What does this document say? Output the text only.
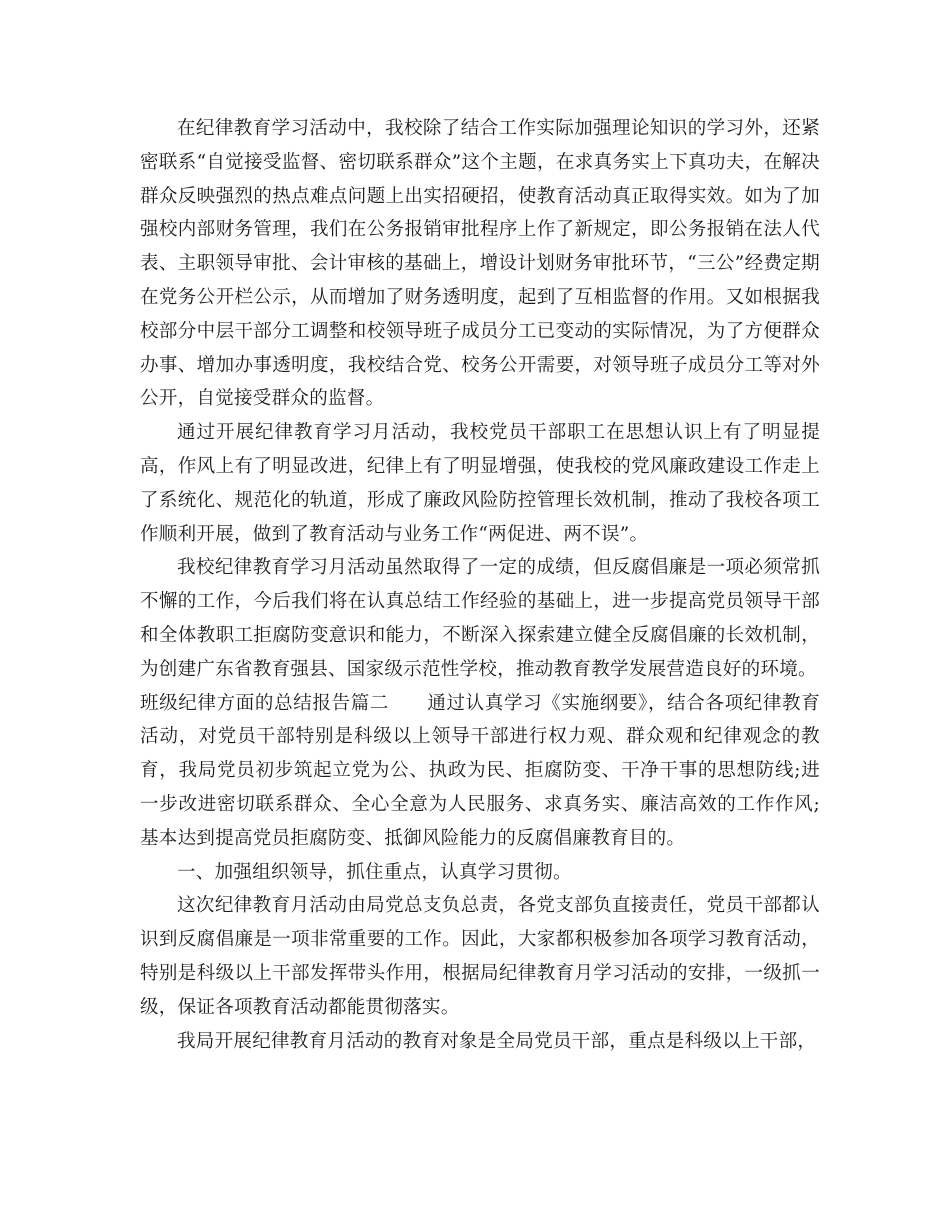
在纪律教育学习活动中，我校除了结合工作实际加强理论知识的学习外，还紧密联系“自觉接受监督、密切联系群众”这个主题，在求真务实上下真功夫，在解决群众反映强烈的热点难点问题上出实招硬招，使教育活动真正取得实效。如为了加强校内部财务管理，我们在公务报销审批程序上作了新规定，即公务报销在法人代表、主职领导审批、会计审核的基础上，增设计划财务审批环节，“三公”经费定期在党务公开栏公示，从而增加了财务透明度，起到了互相监督的作用。又如根据我校部分中层干部分工调整和校领导班子成员分工已变动的实际情况，为了方便群众办事、增加办事透明度，我校结合党、校务公开需要，对领导班子成员分工等对外公开，自觉接受群众的监督。

通过开展纪律教育学习月活动，我校党员干部职工在思想认识上有了明显提高，作风上有了明显改进，纪律上有了明显增强，使我校的党风廉政建设工作走上了系统化、规范化的轨道，形成了廉政风险防控管理长效机制，推动了我校各项工作顺利开展，做到了教育活动与业务工作“两促进、两不误”。

我校纪律教育学习月活动虽然取得了一定的成绩，但反腐倡廉是一项必须常抓不懈的工作，今后我们将在认真总结工作经验的基础上，进一步提高党员领导干部和全体教职工拒腐防变意识和能力，不断深入探索建立健全反腐倡廉的长效机制，为创建广东省教育强县、国家级示范性学校，推动教育教学发展营造良好的环境。

班级纪律方面的总结报告篇二 通过认真学习《实施纲要》，结合各项纪律教育活动，对党员干部特别是科级以上领导干部进行权力观、群众观和纪律观念的教育，我局党员初步筑起立党为公、执政为民、拒腐防变、干净干事的思想防线;进一步改进密切联系群众、全心全意为人民服务、求真务实、廉洁高效的工作作风;基本达到提高党员拒腐防变、抵御风险能力的反腐倡廉教育目的。

一、加强组织领导，抓住重点，认真学习贯彻。

这次纪律教育月活动由局党总支负总责，各党支部负直接责任，党员干部都认识到反腐倡廉是一项非常重要的工作。因此，大家都积极参加各项学习教育活动，特别是科级以上干部发挥带头作用，根据局纪律教育月学习活动的安排，一级抓一级，保证各项教育活动都能贯彻落实。

我局开展纪律教育月活动的教育对象是全局党员干部，重点是科级以上干部，
